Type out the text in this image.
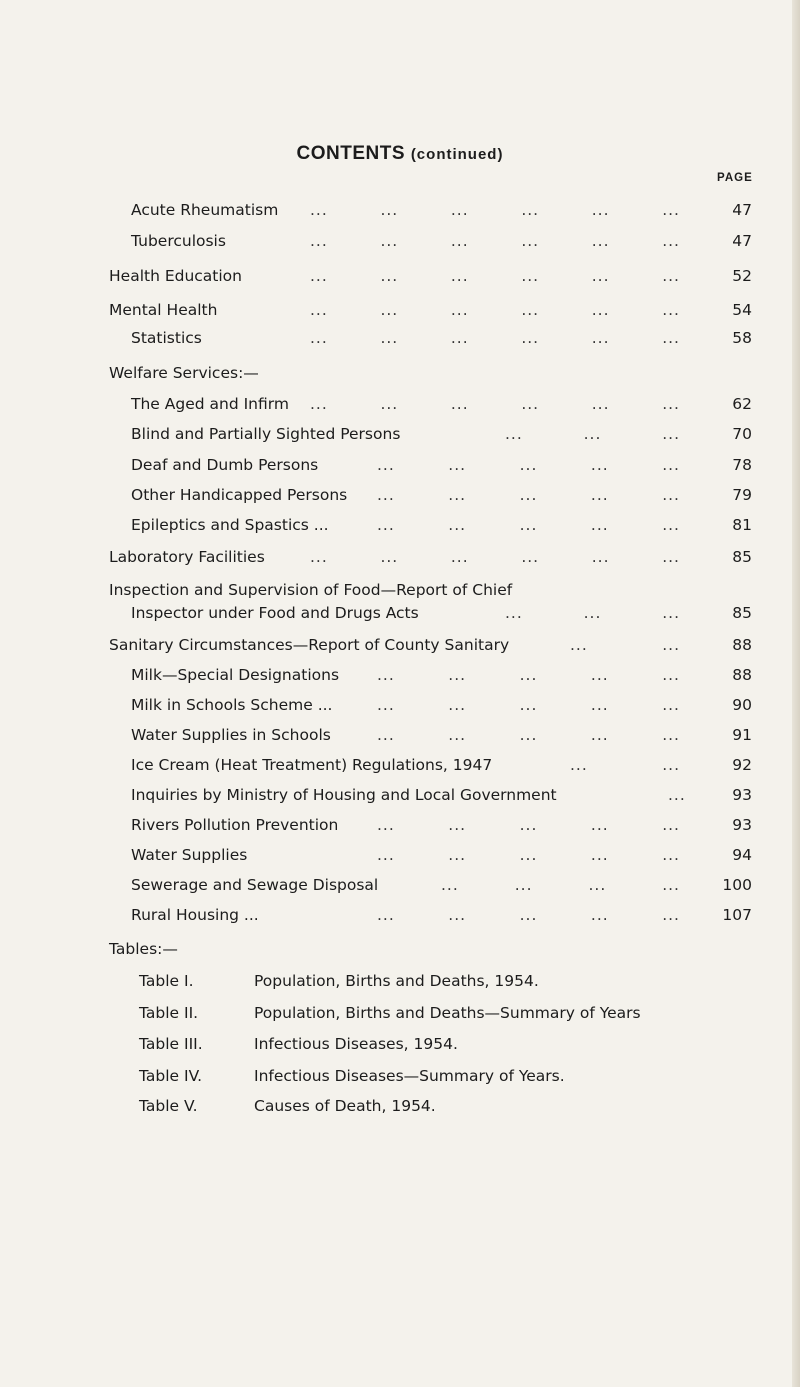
CONTENTS (continued)
PAGE
Acute Rheumatism ...	...	...	...	...	...	47
Tuberculosis	...	...	...	...	...	...	47
Health Education	...	...	...	...	...	...	52
Mental Health	...	...	...	...	...	...	54
Statistics	...	...	...	...	...	...	58
Welfare Services:—
The Aged and Infirm ...	...	...	...	...	...	62
Blind and Partially Sighted Persons	...	...	...	70
Deaf and Dumb Persons	...	...	...	...	...	78
Other Handicapped Persons ...	...	...	...	...	79
Epileptics and Spastics ...	...	...	...	...	...	81
Laboratory Facilities	...	...	...	...	...	...	85
Inspection and Supervision of Food—Report of Chief
Inspector under Food and Drugs Acts	...	...	...	85
Sanitary Circumstances—Report of County Sanitary	...	...	88
Milk—Special Designations ...	...	...	...	...	88
Milk in Schools Scheme ...	...	...	...	...	...	90
Water Supplies in Schools	...	...	...	...	...	91
Ice Cream (Heat Treatment) Regulations, 1947	...	...	92
Inquiries by Ministry of Housing and Local Government	...	93
Rivers Pollution Prevention ...	...	...	...	...	93
Water Supplies	...	...	...	...	...	94
Sewerage and Sewage Disposal	...	...	...	...	100
Rural Housing ...	...	...	...	...	...	107
Tables:—
Table I.	Population, Births and Deaths, 1954.
Table II.	Population, Births and Deaths—Summary of Years
Table III.	Infectious Diseases, 1954.
Table IV.	Infectious Diseases—Summary of Years.
Table V.	Causes of Death, 1954.
